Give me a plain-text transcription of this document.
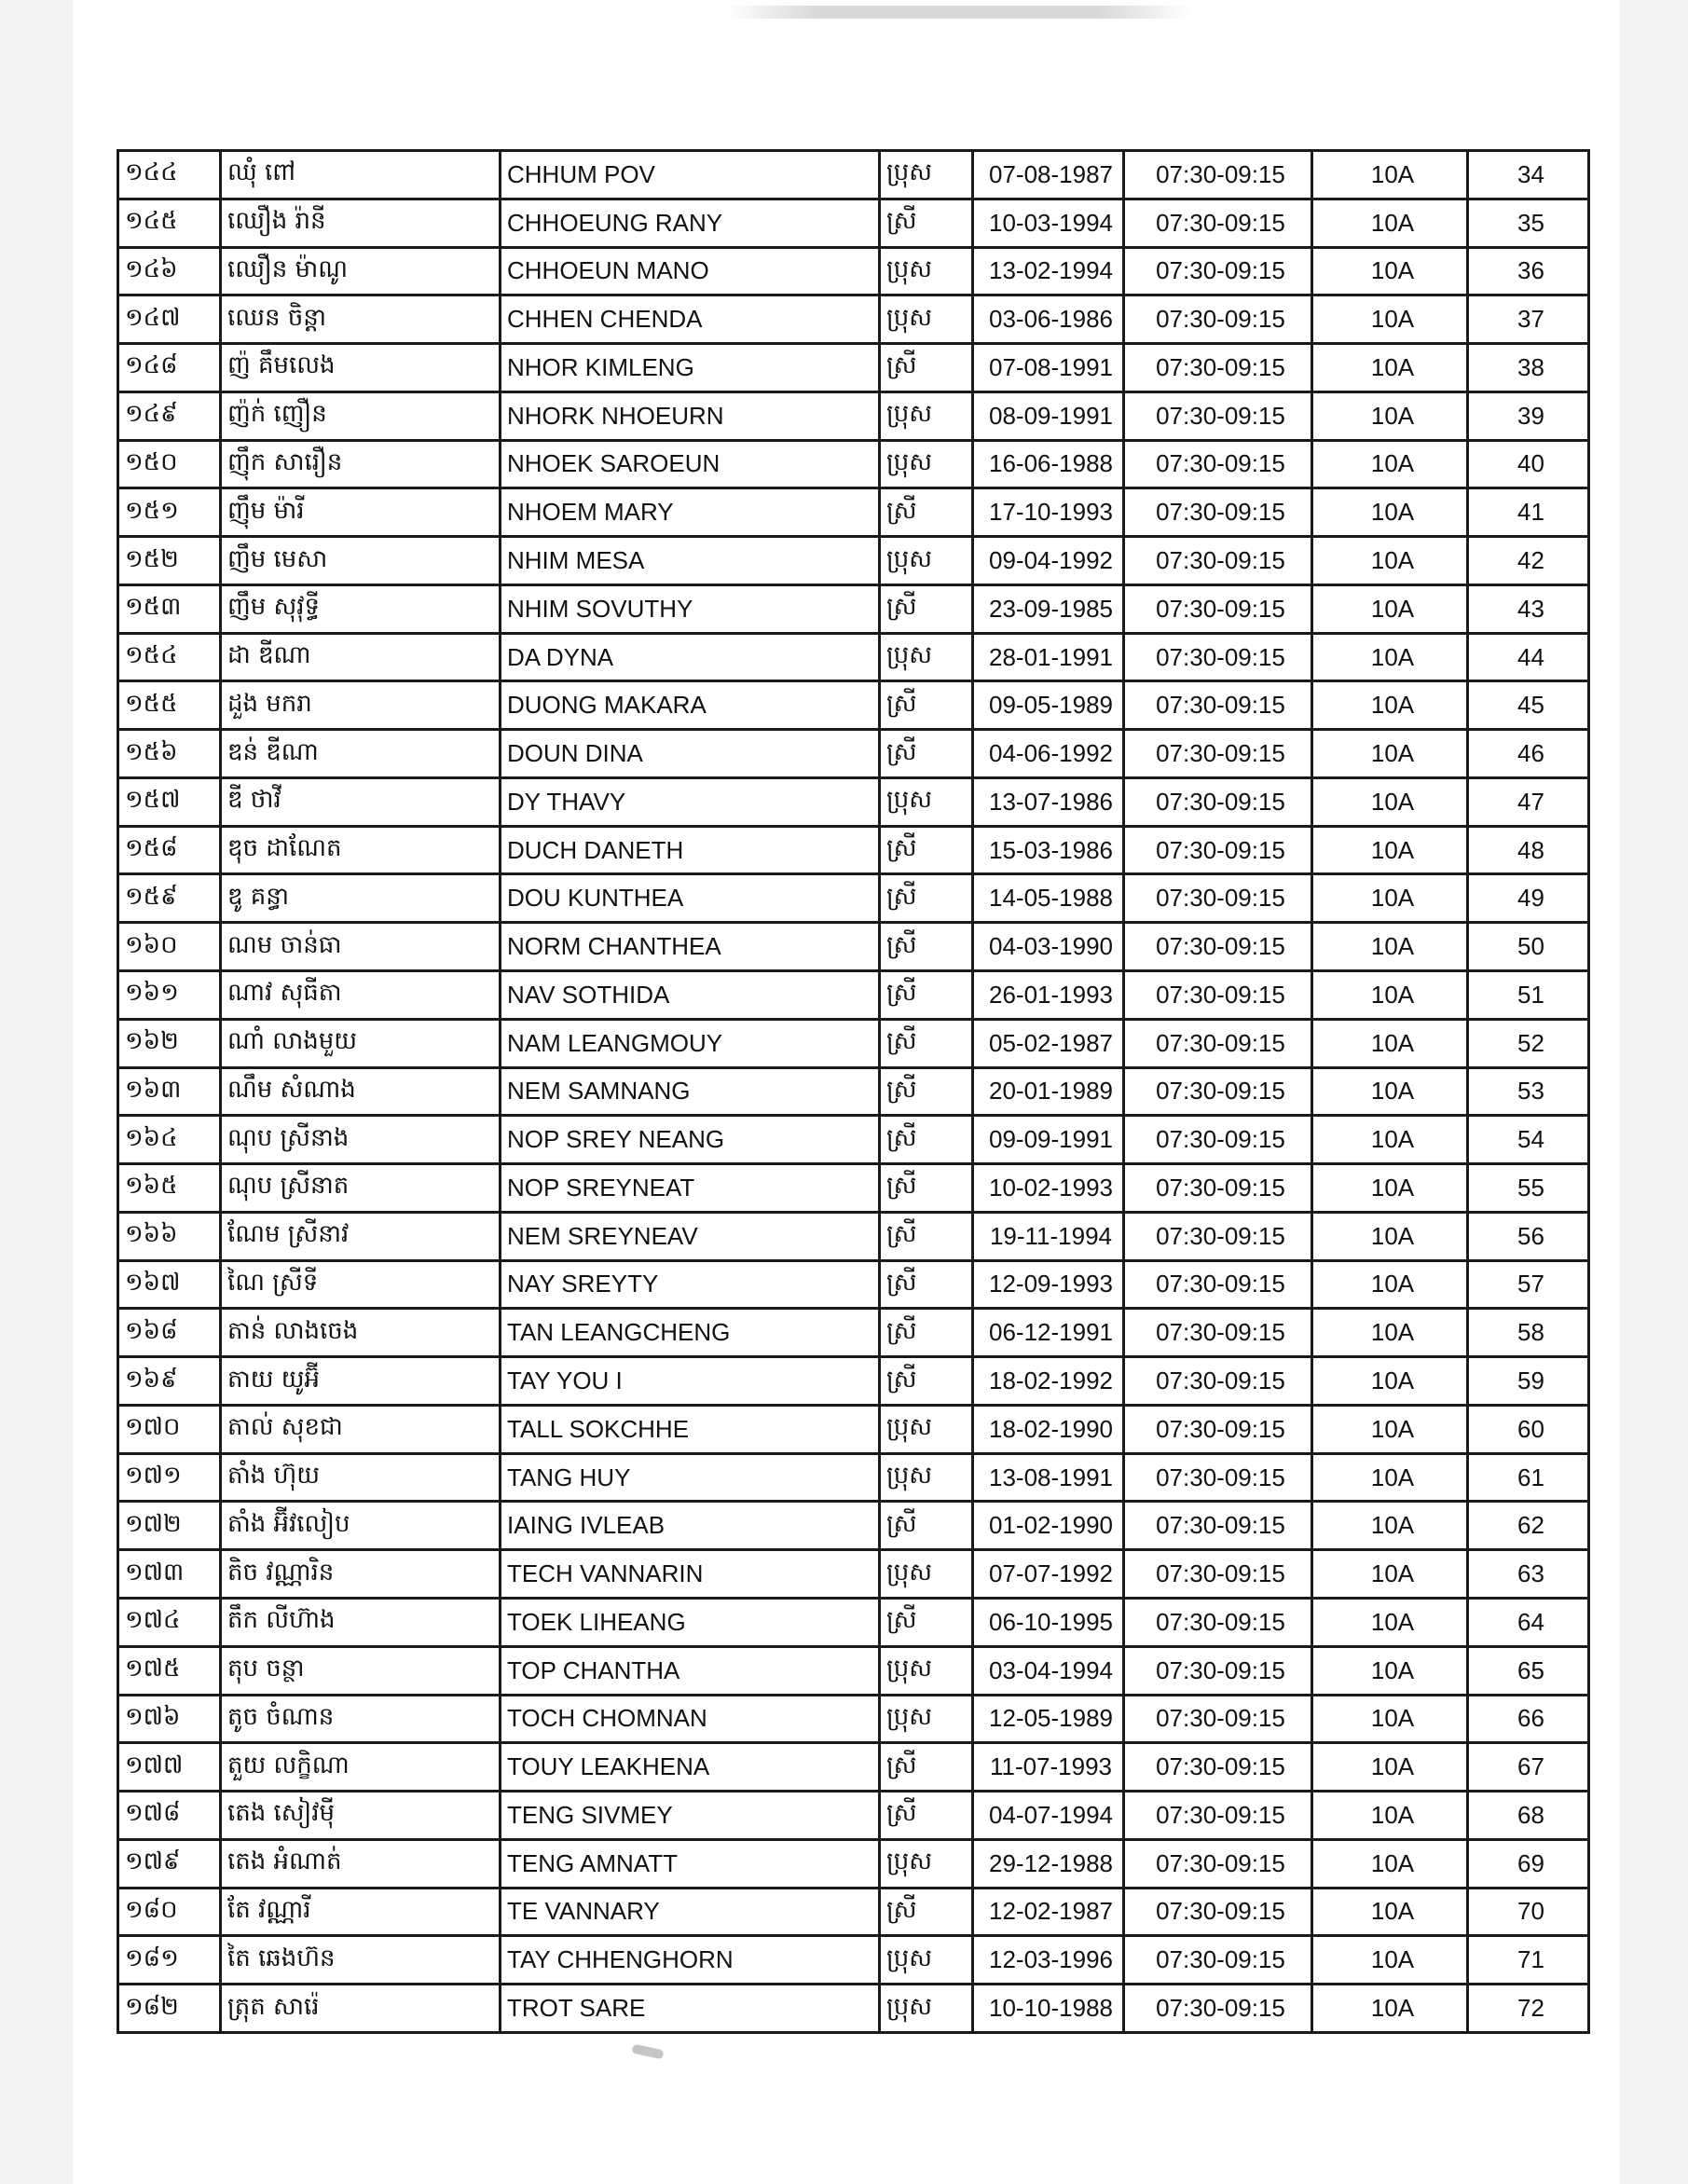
១៤៤	ឈុំ ពៅ	CHHUM POV	ប្រុស	07-08-1987	07:30-09:15	10A	34
១៤៥	ឈឿង រ៉ានី	CHHOEUNG RANY	ស្រី	10-03-1994	07:30-09:15	10A	35
១៤៦	ឈឿន ម៉ាណូ	CHHOEUN MANO	ប្រុស	13-02-1994	07:30-09:15	10A	36
១៤៧	ឈេន ចិន្តា	CHHEN CHENDA	ប្រុស	03-06-1986	07:30-09:15	10A	37
១៤៨	ញ៉ គឹមលេង	NHOR KIMLENG	ស្រី	07-08-1991	07:30-09:15	10A	38
១៤៩	ញ៉ក់ ញឿន	NHORK NHOEURN	ប្រុស	08-09-1991	07:30-09:15	10A	39
១៥០	ញ៉ឹក សារឿន	NHOEK SAROEUN	ប្រុស	16-06-1988	07:30-09:15	10A	40
១៥១	ញ៉ឹម ម៉ារី	NHOEM MARY	ស្រី	17-10-1993	07:30-09:15	10A	41
១៥២	ញឹម មេសា	NHIM MESA	ប្រុស	09-04-1992	07:30-09:15	10A	42
១៥៣	ញឹម សុវុទ្ធី	NHIM SOVUTHY	ស្រី	23-09-1985	07:30-09:15	10A	43
១៥៤	ដា ឌីណា	DA DYNA	ប្រុស	28-01-1991	07:30-09:15	10A	44
១៥៥	ដួង មករា	DUONG MAKARA	ស្រី	09-05-1989	07:30-09:15	10A	45
១៥៦	ឌន់ ឌីណា	DOUN DINA	ស្រី	04-06-1992	07:30-09:15	10A	46
១៥៧	ឌី ថាវី	DY THAVY	ប្រុស	13-07-1986	07:30-09:15	10A	47
១៥៨	ឌុច ដាណែត	DUCH DANETH	ស្រី	15-03-1986	07:30-09:15	10A	48
១៥៩	ឌូ គន្ធា	DOU KUNTHEA	ស្រី	14-05-1988	07:30-09:15	10A	49
១៦០	ណម ចាន់ធា	NORM CHANTHEA	ស្រី	04-03-1990	07:30-09:15	10A	50
១៦១	ណាវ សុធីតា	NAV SOTHIDA	ស្រី	26-01-1993	07:30-09:15	10A	51
១៦២	ណាំ លាងមួយ	NAM LEANGMOUY	ស្រី	05-02-1987	07:30-09:15	10A	52
១៦៣	ណឹម សំណាង	NEM SAMNANG	ស្រី	20-01-1989	07:30-09:15	10A	53
១៦៤	ណុប ស្រីនាង	NOP SREY NEANG	ស្រី	09-09-1991	07:30-09:15	10A	54
១៦៥	ណុប ស្រីនាត	NOP SREYNEAT	ស្រី	10-02-1993	07:30-09:15	10A	55
១៦៦	ណែម ស្រីនាវ	NEM SREYNEAV	ស្រី	19-11-1994	07:30-09:15	10A	56
១៦៧	ណៃ ស្រីទី	NAY SREYTY	ស្រី	12-09-1993	07:30-09:15	10A	57
១៦៨	តាន់ លាងចេង	TAN LEANGCHENG	ស្រី	06-12-1991	07:30-09:15	10A	58
១៦៩	តាយ យូអ៊ី	TAY YOU I	ស្រី	18-02-1992	07:30-09:15	10A	59
១៧០	តាល់ សុខជា	TALL SOKCHHE	ប្រុស	18-02-1990	07:30-09:15	10A	60
១៧១	តាំង ហ៊ុយ	TANG HUY	ប្រុស	13-08-1991	07:30-09:15	10A	61
១៧២	តាំង អ៊ីវលៀប	IAING IVLEAB	ស្រី	01-02-1990	07:30-09:15	10A	62
១៧៣	តិច វណ្ណារិន	TECH VANNARIN	ប្រុស	07-07-1992	07:30-09:15	10A	63
១៧៤	តឹក លីហ៊ាង	TOEK LIHEANG	ស្រី	06-10-1995	07:30-09:15	10A	64
១៧៥	តុប ចន្ថា	TOP CHANTHA	ប្រុស	03-04-1994	07:30-09:15	10A	65
១៧៦	តូច ចំណាន	TOCH CHOMNAN	ប្រុស	12-05-1989	07:30-09:15	10A	66
១៧៧	តួយ លក្ខិណា	TOUY LEAKHENA	ស្រី	11-07-1993	07:30-09:15	10A	67
១៧៨	តេង សៀវម៉ី	TENG SIVMEY	ស្រី	04-07-1994	07:30-09:15	10A	68
១៧៩	តេង អំណាត់	TENG AMNATT	ប្រុស	29-12-1988	07:30-09:15	10A	69
១៨០	តែ វណ្ណារី	TE VANNARY	ស្រី	12-02-1987	07:30-09:15	10A	70
១៨១	តៃ ឆេងហ៊ន	TAY CHHENGHORN	ប្រុស	12-03-1996	07:30-09:15	10A	71
១៨២	ត្រុត សារ៉េ	TROT SARE	ប្រុស	10-10-1988	07:30-09:15	10A	72
